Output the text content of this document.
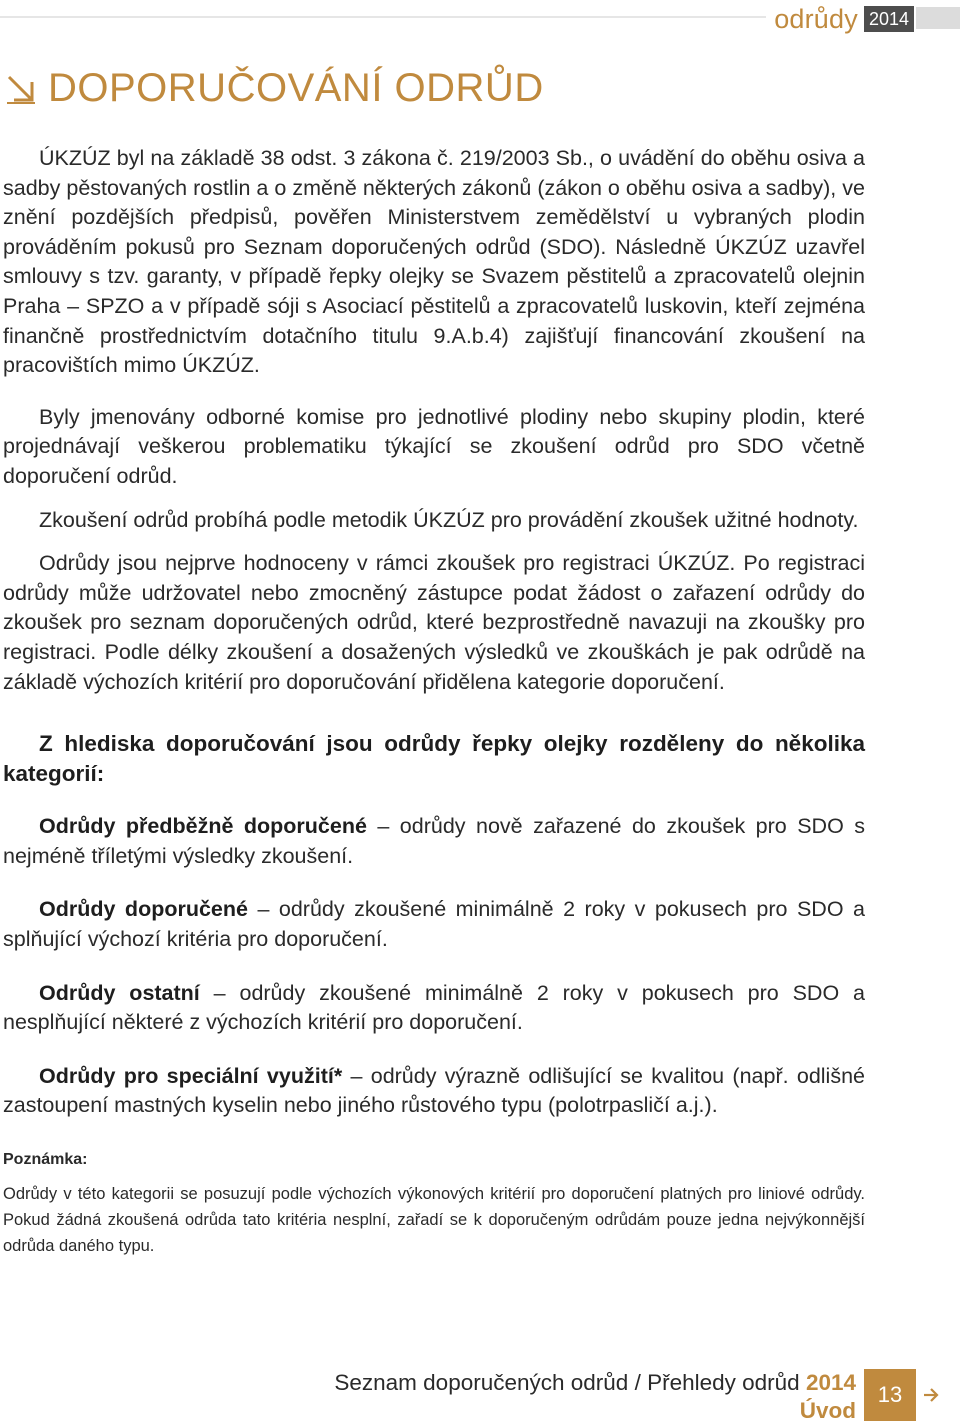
odrůdy 2014
DOPORUČOVÁNÍ ODRŮD

ÚKZÚZ byl na základě 38 odst. 3 zákona č. 219/2003 Sb., o uvádění do oběhu osiva a sadby pěstovaných rostlin a o změně některých zákonů (zákon o oběhu osiva a sadby), ve znění pozdějších předpisů, pověřen Ministerstvem zemědělství u vybraných plodin prováděním pokusů pro Seznam doporučených odrůd (SDO). Následně ÚKZÚZ uzavřel smlouvy s tzv. garanty, v případě řepky olejky se Svazem pěstitelů a zpracovatelů olejnin Praha – SPZO a v případě sóji s Asociací pěstitelů a zpracovatelů luskovin, kteří zejména finančně prostřednictvím dotačního titulu 9.A.b.4) zajišťují financování zkoušení na pracovištích mimo ÚKZÚZ.

Byly jmenovány odborné komise pro jednotlivé plodiny nebo skupiny plodin, které projednávají veškerou problematiku týkající se zkoušení odrůd pro SDO včetně doporučení odrůd.

Zkoušení odrůd probíhá podle metodik ÚKZÚZ pro provádění zkoušek užitné hodnoty.

Odrůdy jsou nejprve hodnoceny v rámci zkoušek pro registraci ÚKZÚZ. Po registraci odrůdy může udržovatel nebo zmocněný zástupce podat žádost o zařazení odrůdy do zkoušek pro seznam doporučených odrůd, které bezprostředně navazuji na zkoušky pro registraci. Podle délky zkoušení a dosažených výsledků ve zkouškách je pak odrůdě na základě výchozích kritérií pro doporučování přidělena kategorie doporučení.

Z hlediska doporučování jsou odrůdy řepky olejky rozděleny do několika kategorií:

Odrůdy předběžně doporučené – odrůdy nově zařazené do zkoušek pro SDO s nejméně tříletými výsledky zkoušení.

Odrůdy doporučené – odrůdy zkoušené minimálně 2 roky v pokusech pro SDO a splňující výchozí kritéria pro doporučení.

Odrůdy ostatní – odrůdy zkoušené minimálně 2 roky v pokusech pro SDO a nesplňující některé z výchozích kritérií pro doporučení.

Odrůdy pro speciální využití* – odrůdy výrazně odlišující se kvalitou (např. odlišné zastoupení mastných kyselin nebo jiného růstového typu (polotrpasličí a.j.).

Poznámka:

Odrůdy v této kategorii se posuzují podle výchozích výkonových kritérií pro doporučení platných pro liniové odrůdy. Pokud žádná zkoušená odrůda tato kritéria nesplní, zařadí se k doporučeným odrůdám pouze jedna nejvýkonnější odrůda daného typu.

Seznam doporučených odrůd / Přehledy odrůd 2014
Úvod
13
